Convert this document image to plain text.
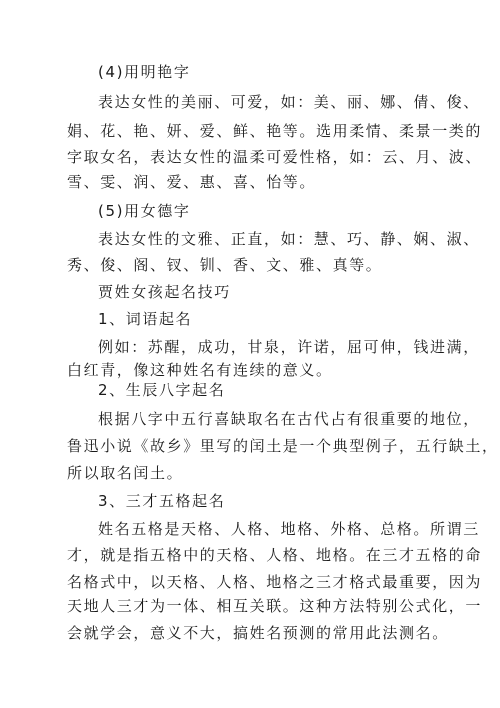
(4)用明艳字
表达女性的美丽、可爱，如：美、丽、娜、倩、俊、
娟、花、艳、妍、爱、鲜、艳等。选用柔情、柔景一类的
字取女名，表达女性的温柔可爱性格，如：云、月、波、
雪、雯、润、爱、惠、喜、怡等。
(5)用女德字
表达女性的文雅、正直，如：慧、巧、静、娴、淑、
秀、俊、阁、钗、钏、香、文、雅、真等。
贾姓女孩起名技巧
1、词语起名
例如：苏醒，成功，甘泉，许诺，屈可伸，钱进满，
白红青，像这种姓名有连续的意义。
2、生辰八字起名
根据八字中五行喜缺取名在古代占有很重要的地位，
鲁迅小说《故乡》里写的闰土是一个典型例子，五行缺土，
所以取名闰土。
3、三才五格起名
姓名五格是天格、人格、地格、外格、总格。所谓三
才，就是指五格中的天格、人格、地格。在三才五格的命
名格式中，以天格、人格、地格之三才格式最重要，因为
天地人三才为一体、相互关联。这种方法特别公式化，一
会就学会，意义不大，搞姓名预测的常用此法测名。
